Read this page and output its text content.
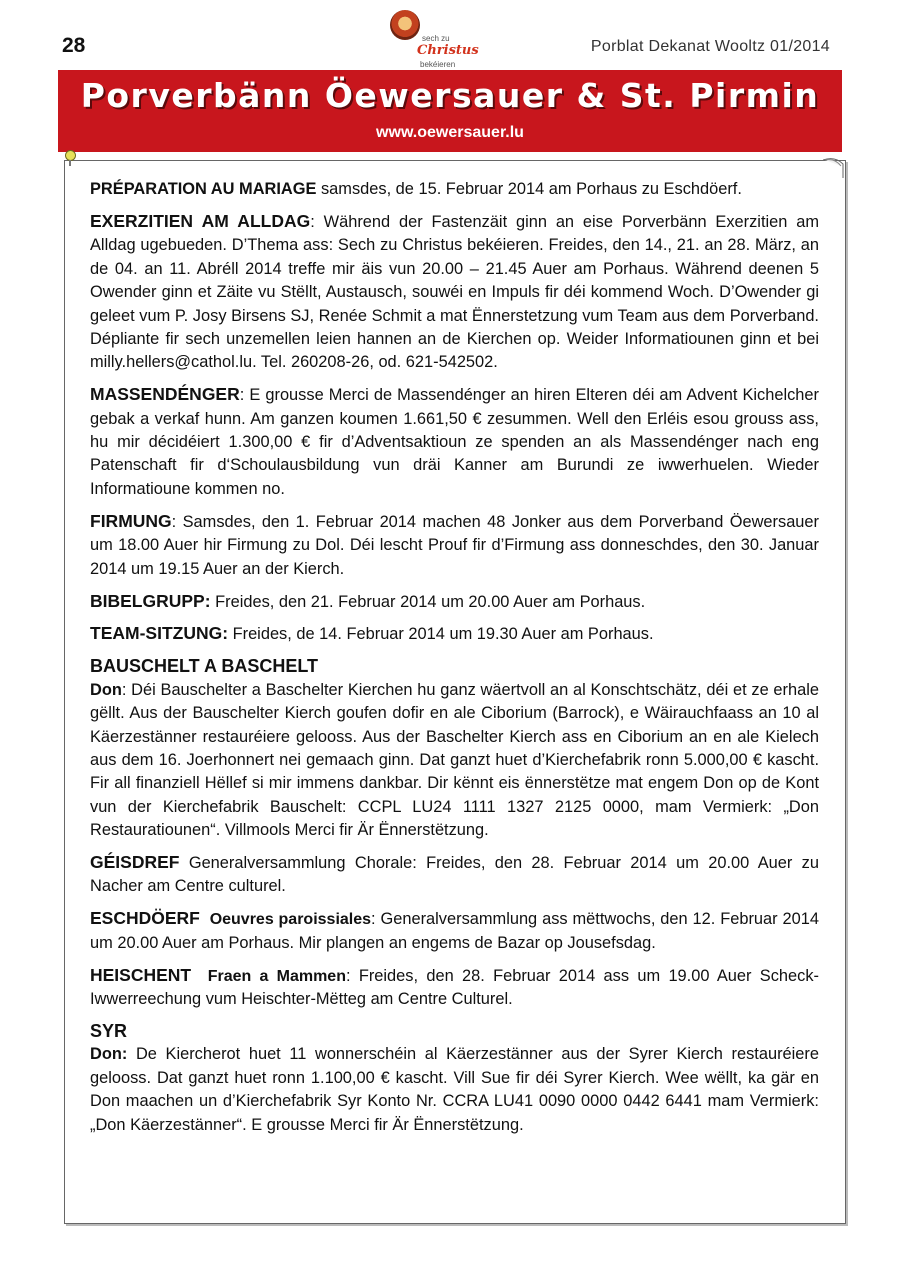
28	sech zu
Christus
bekéieren
Porblat Dekanat Wooltz 01/2014
Porverbänn Öewersauer & St. Pirmin
www.oewersauer.lu

PRÉPARATION AU MARIAGE samsdes, de 15. Februar 2014 am Porhaus zu Eschdöerf.

EXERZITIEN AM ALLDAG: Während der Fastenzäit ginn an eise Porverbänn Exerzitien am Alldag ugebueden. D’Thema ass: Sech zu Christus bekéieren. Freides, den 14., 21. an 28. März, an de 04. an 11. Abréll 2014 treffe mir äis vun 20.00 – 21.45 Auer am Porhaus. Während deenen 5 Owender ginn et Zäite vu Stëllt, Austausch, souwéi en Impuls fir déi kommend Woch. D’Owender gi geleet vum P. Josy Birsens SJ, Renée Schmit a mat Ënnerstetzung vum Team aus dem Porverband. Dépliante fir sech unzemellen leien hannen an de Kierchen op. Weider Informatiounen ginn et bei milly.hellers@cathol.lu. Tel. 260208-26, od. 621-542502.

MASSENDÉNGER: E grousse Merci de Massendénger an hiren Elteren déi am Advent Kichelcher gebak a verkaf hunn. Am ganzen koumen 1.661,50 € zesummen. Well den Erléis esou grouss ass, hu mir décidéiert 1.300,00 € fir d’Adventsaktioun ze spenden an als Massendénger nach eng Patenschaft fir d‘Schoulausbildung vun dräi Kanner am Burundi ze iwwerhuelen. Wieder Informatioune kommen no.

FIRMUNG: Samsdes, den 1. Februar 2014 machen 48 Jonker aus dem Porverband Öewersauer um 18.00 Auer hir Firmung zu Dol. Déi lescht Prouf fir d’Firmung ass donneschdes, den 30. Januar 2014 um 19.15 Auer an der Kierch.

BIBELGRUPP: Freides, den 21. Februar 2014 um 20.00 Auer am Porhaus.

TEAM-SITZUNG: Freides, de 14. Februar 2014 um 19.30 Auer am Porhaus.

BAUSCHELT A BASCHELT
Don: Déi Bauschelter a Baschelter Kierchen hu ganz wäertvoll an al Konschtschätz, déi et ze erhale gëllt. Aus der Bauschelter Kierch goufen dofir en ale Ciborium (Barrock), e Wäirauchfaass an 10 al Käerzestänner restauréiere gelooss. Aus der Baschelter Kierch ass en Ciborium an en ale Kielech aus dem 16. Joerhonnert nei gemaach ginn. Dat ganzt huet d’Kierchefabrik ronn 5.000,00 € kascht. Fir all finanziell Hëllef si mir immens dankbar. Dir kënnt eis ënnerstëtze mat engem Don op de Kont vun der Kierchefabrik Bauschelt: CCPL LU24 1111 1327 2125 0000, mam Vermierk: „Don Restauratiounen“. Villmools Merci fir Är Ënnerstëtzung.

GÉISDREF Generalversammlung Chorale: Freides, den 28. Februar 2014 um 20.00 Auer zu Nacher am Centre culturel.

ESCHDÖERF Oeuvres paroissiales: Generalversammlung ass mëttwochs, den 12. Februar 2014 um 20.00 Auer am Porhaus. Mir plangen an engems de Bazar op Jousefsdag.

HEISCHENT Fraen a Mammen: Freides, den 28. Februar 2014 ass um 19.00 Auer Scheck-Iwwerreechung vum Heischter-Mëtteg am Centre Culturel.

SYR
Don: De Kiercherot huet 11 wonnerschéin al Käerzestänner aus der Syrer Kierch restauréiere gelooss. Dat ganzt huet ronn 1.100,00 € kascht. Vill Sue fir déi Syrer Kierch. Wee wëllt, ka gär en Don maachen un d’Kierchefabrik Syr Konto Nr. CCRA LU41 0090 0000 0442 6441 mam Vermierk: „Don Käerzestänner“. E grousse Merci fir Är Ënnerstëtzung.
